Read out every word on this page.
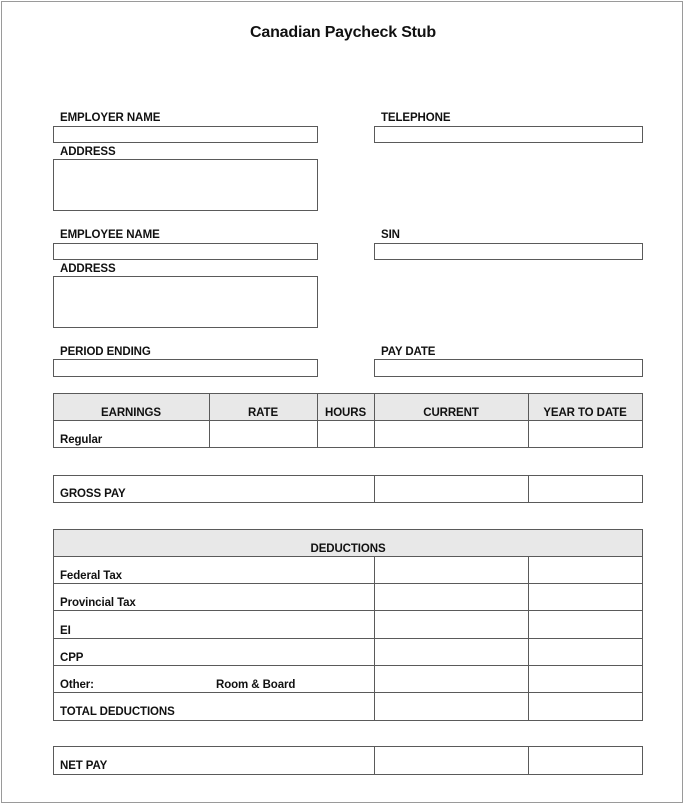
Canadian Paycheck Stub
EMPLOYER NAME	TELEPHONE
ADDRESS
EMPLOYEE NAME	SIN
ADDRESS
PERIOD ENDING	PAY DATE
EARNINGS	RATE	HOURS	CURRENT	YEAR TO DATE
Regular
GROSS PAY
DEDUCTIONS
Federal Tax
Provincial Tax
EI
CPP
Other:	Room & Board
TOTAL DEDUCTIONS
NET PAY
